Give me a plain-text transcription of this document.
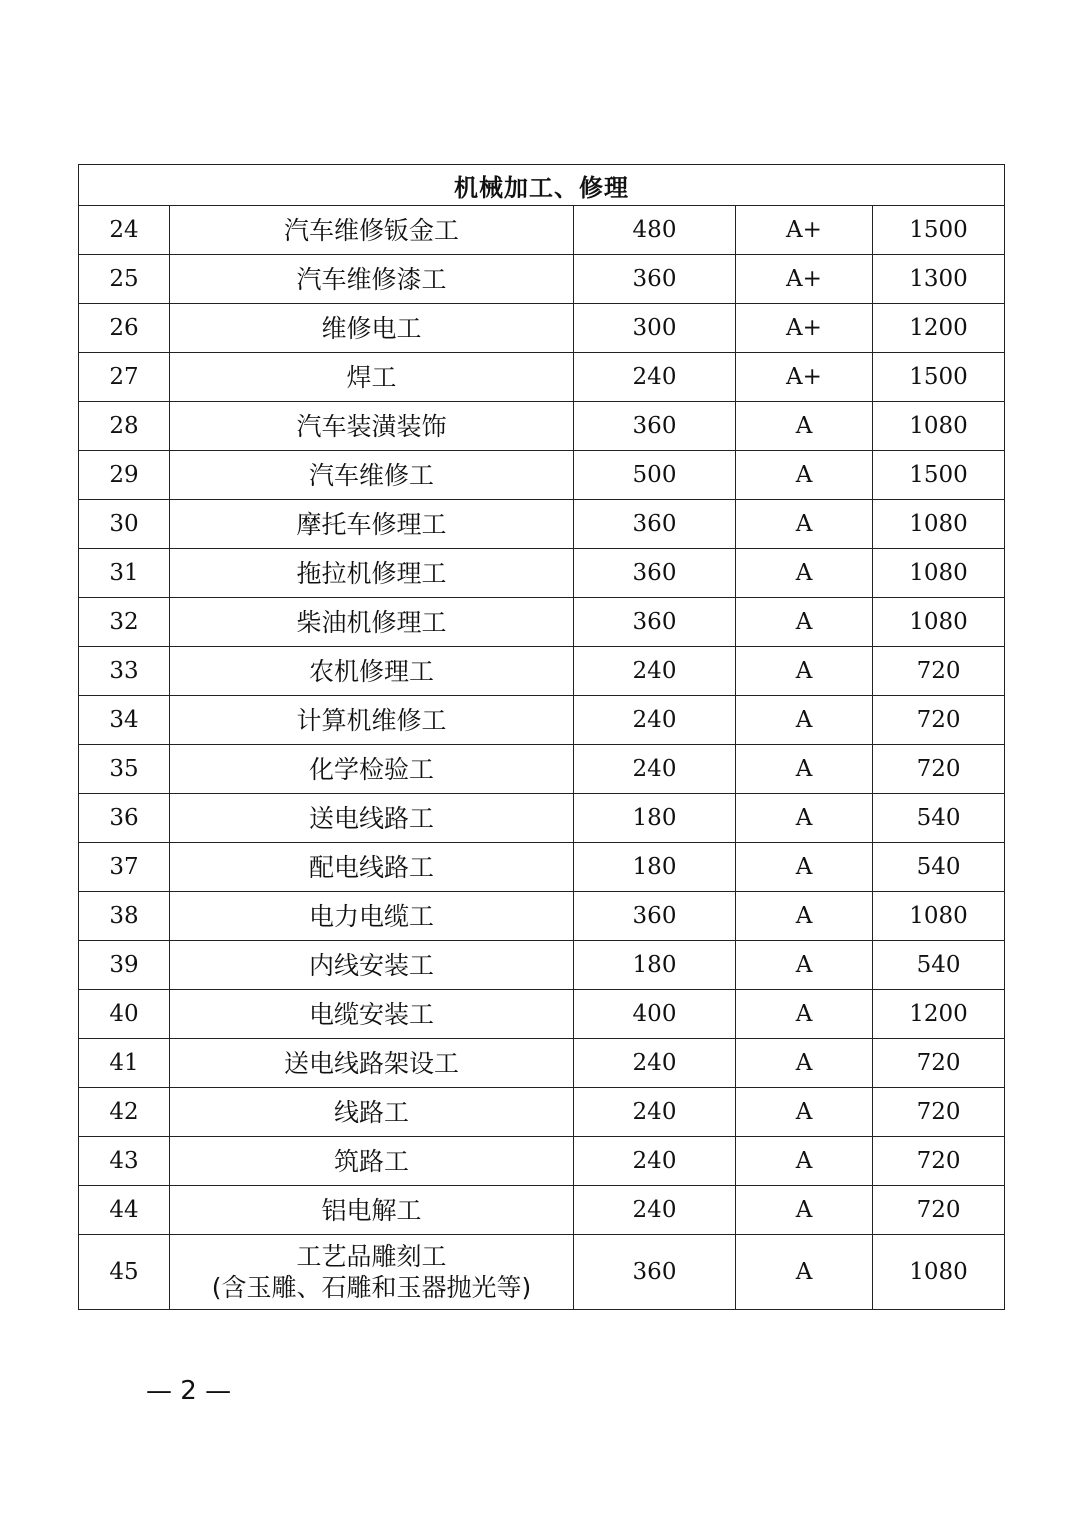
机械加工、修理				
24	汽车维修钣金工	480	A+	1500
25	汽车维修漆工	360	A+	1300
26	维修电工	300	A+	1200
27	焊工	240	A+	1500
28	汽车装潢装饰	360	A	1080
29	汽车维修工	500	A	1500
30	摩托车修理工	360	A	1080
31	拖拉机修理工	360	A	1080
32	柴油机修理工	360	A	1080
33	农机修理工	240	A	720
34	计算机维修工	240	A	720
35	化学检验工	240	A	720
36	送电线路工	180	A	540
37	配电线路工	180	A	540
38	电力电缆工	360	A	1080
39	内线安装工	180	A	540
40	电缆安装工	400	A	1200
41	送电线路架设工	240	A	720
42	线路工	240	A	720
43	筑路工	240	A	720
44	铝电解工	240	A	720
45	工艺品雕刻工
(含玉雕、石雕和玉器抛光等)	360	A	1080
— 2 —
